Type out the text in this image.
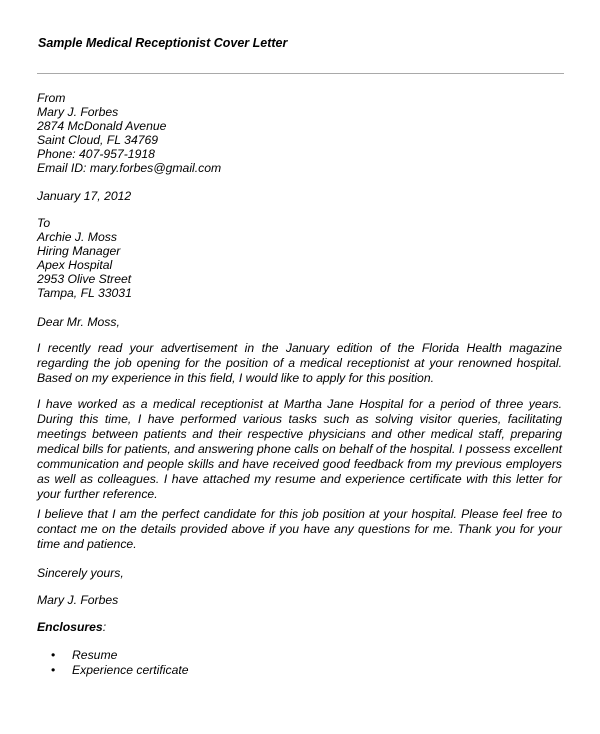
Sample Medical Receptionist Cover Letter
From
Mary J. Forbes
2874 McDonald Avenue
Saint Cloud, FL 34769
Phone: 407-957-1918
Email ID: mary.forbes@gmail.com
January 17, 2012
To
Archie J. Moss
Hiring Manager
Apex Hospital
2953 Olive Street
Tampa, FL 33031
Dear Mr. Moss,

I recently read your advertisement in the January edition of the Florida Health magazine regarding the job opening for the position of a medical receptionist at your renowned hospital. Based on my experience in this field, I would like to apply for this position.

I have worked as a medical receptionist at Martha Jane Hospital for a period of three years. During this time, I have performed various tasks such as solving visitor queries, facilitating meetings between patients and their respective physicians and other medical staff, preparing medical bills for patients, and answering phone calls on behalf of the hospital. I possess excellent communication and people skills and have received good feedback from my previous employers as well as colleagues. I have attached my resume and experience certificate with this letter for your further reference.

I believe that I am the perfect candidate for this job position at your hospital. Please feel free to contact me on the details provided above if you have any questions for me. Thank you for your time and patience.

Sincerely yours,
Mary J. Forbes
Enclosures:
• Resume
• Experience certificate
